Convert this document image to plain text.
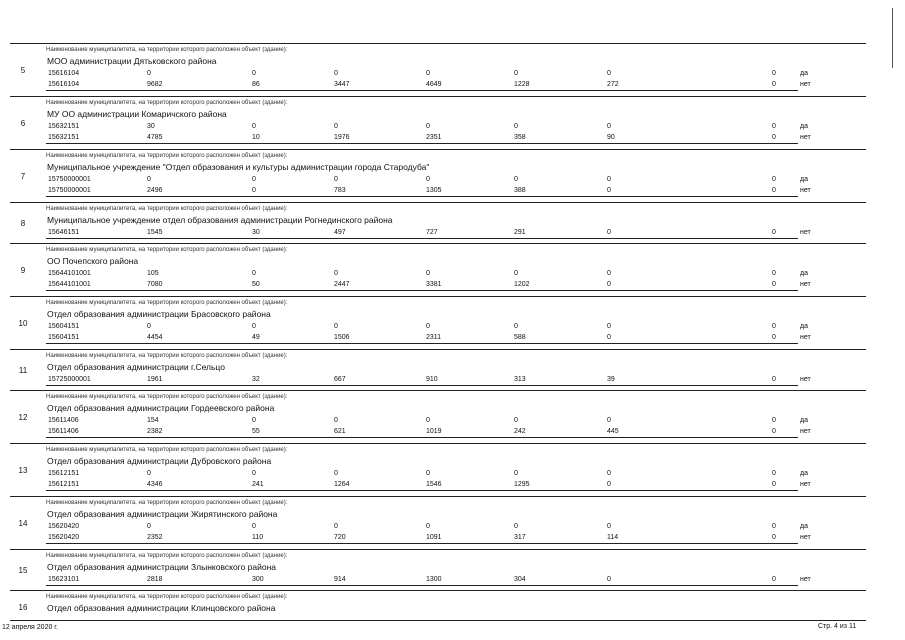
5
Наименование муниципалитета, на территории которого расположен объект (здание):
МОО администрации Дятьковского района
15616104	0	0	0	0	0	0	0	да
15616104	9682	86	3447	4649	1228	272	0	нет
6
Наименование муниципалитета, на территории которого расположен объект (здание):
МУ ОО администрации Комаричского района
15632151	30	0	0	0	0	0	0	да
15632151	4785	10	1976	2351	358	90	0	нет
7
Наименование муниципалитета, на территории которого расположен объект (здание):
Муниципальное учреждение "Отдел образования и культуры администрации города Стародуба"
15750000001	0	0	0	0	0	0	0	да
15750000001	2496	0	783	1305	388	0	0	нет
8
Наименование муниципалитета, на территории которого расположен объект (здание):
Муниципальное учреждение отдел образования администрации Рогнединского района
15646151	1545	30	497	727	291	0	0	нет
9
Наименование муниципалитета, на территории которого расположен объект (здание):
ОО Почепского района
15644101001	105	0	0	0	0	0	0	да
15644101001	7080	50	2447	3381	1202	0	0	нет
10
Наименование муниципалитета, на территории которого расположен объект (здание):
Отдел образования администрации Брасовского района
15604151	0	0	0	0	0	0	0	да
15604151	4454	49	1506	2311	588	0	0	нет
11
Наименование муниципалитета, на территории которого расположен объект (здание):
Отдел образования администрации г.Сельцо
15725000001	1961	32	667	910	313	39	0	нет
12
Наименование муниципалитета, на территории которого расположен объект (здание):
Отдел образования администрации Гордеевского района
15611406	154	0	0	0	0	0	0	да
15611406	2382	55	621	1019	242	445	0	нет
13
Наименование муниципалитета, на территории которого расположен объект (здание):
Отдел образования администрации Дубровского района
15612151	0	0	0	0	0	0	0	да
15612151	4346	241	1264	1546	1295	0	0	нет
14
Наименование муниципалитета, на территории которого расположен объект (здание):
Отдел образования администрации Жирятинского района
15620420	0	0	0	0	0	0	0	да
15620420	2352	110	720	1091	317	114	0	нет
15
Наименование муниципалитета, на территории которого расположен объект (здание):
Отдел образования администрации Злынковского района
15623101	2818	300	914	1300	304	0	0	нет
16
Наименование муниципалитета, на территории которого расположен объект (здание):
Отдел образования администрации Клинцовского района
12 апреля 2020 г.	Стр. 4 из 11
